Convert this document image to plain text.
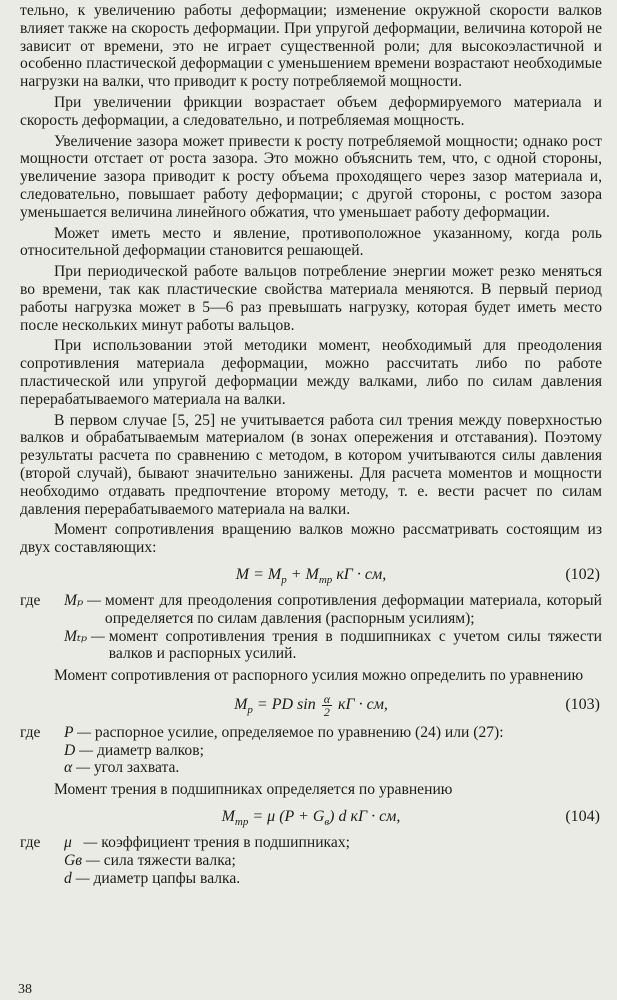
тельно, к увеличению работы деформации; изменение окружной скорости валков влияет также на скорость деформации. При упругой деформации, величина которой не зависит от времени, это не играет существенной роли; для высокоэластичной и особенно пластической деформации с уменьшением времени возрастают необходимые нагрузки на валки, что приводит к росту потребляемой мощности.

При увеличении фрикции возрастает объем деформируемого материала и скорость деформации, а следовательно, и потребляемая мощность.

Увеличение зазора может привести к росту потребляемой мощности; однако рост мощности отстает от роста зазора. Это можно объяснить тем, что, с одной стороны, увеличение зазора приводит к росту объема проходящего через зазор материала и, следовательно, повышает работу деформации; с другой стороны, с ростом зазора уменьшается величина линейного обжатия, что уменьшает работу деформации.

Может иметь место и явление, противоположное указанному, когда роль относительной деформации становится решающей.

При периодической работе вальцов потребление энергии может резко меняться во времени, так как пластические свойства материала меняются. В первый период работы нагрузка может в 5—6 раз превышать нагрузку, которая будет иметь место после нескольких минут работы вальцов.

При использовании этой методики момент, необходимый для преодоления сопротивления материала деформации, можно рассчитать либо по работе пластической или упругой деформации между валками, либо по силам давления перерабатываемого материала на валки.

В первом случае [5, 25] не учитывается работа сил трения между поверхностью валков и обрабатываемым материалом (в зонах опережения и отставания). Поэтому результаты расчета по сравнению с методом, в котором учитываются силы давления (второй случай), бывают значительно занижены. Для расчета моментов и мощности необходимо отдавать предпочтение второму методу, т. е. вести расчет по силам давления перерабатываемого материала на валки.

Момент сопротивления вращению валков можно рассматривать состоящим из двух составляющих:

$M = M_p + M_{тр}$ кГ · см,	(102)
где	Mₚ — момент для преодоления сопротивления деформации материала, который определяется по силам давления (распорным усилиям);
Mₜₚ — момент сопротивления трения в подшипниках с учетом силы тяжести валков и распорных усилий.

Момент сопротивления от распорного усилия можно определить по уравнению

$M_p$ = PD $\sin \frac{\alpha}{2}$ кГ · см,	(103)
где	P — распорное усилие, определяемое по уравнению (24) или (27):
D — диаметр валков;
α — угол захвата.

Момент трения в подшипниках определяется по уравнению

$M_{тр} = \mu$ $(P + G_в)$ d кГ · см,	(104)
где	μ   — коэффициент трения в подшипниках;
Gв — сила тяжести валка;
d — диаметр цапфы валка.
38
